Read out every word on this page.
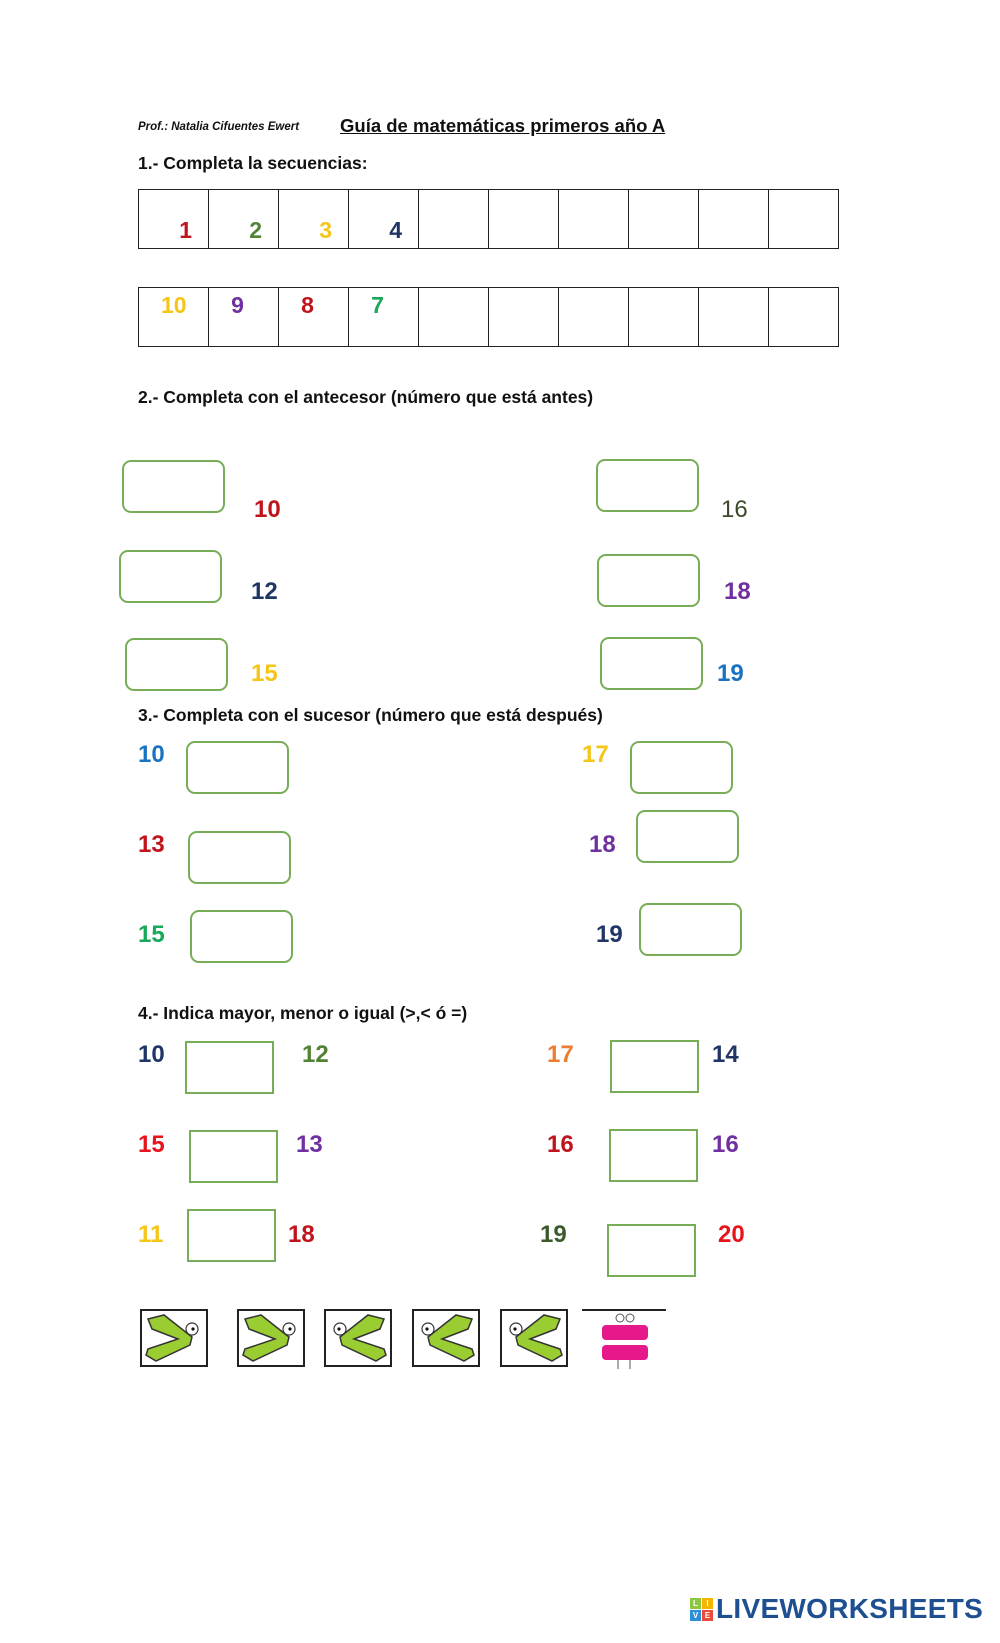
Prof.: Natalia Cifuentes Ewert Guía de matemáticas primeros año A
1.- Completa la secuencias:
1	2	3	4

10	9	8	7

2.- Completa con el antecesor (número que está antes)
10
12
15
16
18
19
3.- Completa con el sucesor (número que está después)
10
13
15
17
18
19
4.- Indica mayor, menor o igual (>,< ó =)
10	12
15	13
11	18
17	14
16	16
19	20
L	I
V E LIVEWORKSHEETS
